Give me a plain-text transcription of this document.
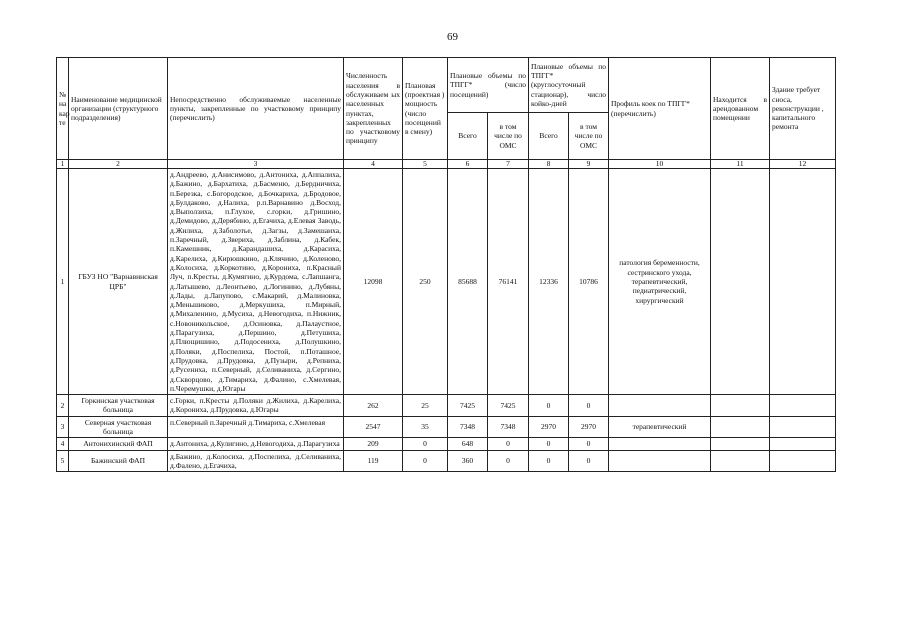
69
№ на кар те	Наименование медицинской организации (структурного подразделения)	Непосредственно обслуживаемые населенные пункты, закрепленные по участковому принципу (перечислить)	Численность населения в обслуживаем ых населенных пунктах, закрепленных по участковому принципу	Плановая (проектная ) мощность (число посещений в смену)	Плановые объемы по ТПГГ* (число посещений)		Плановые объемы по ТПГГ* (круглосуточный стационар), число койко-дней		Профиль коек по ТПГГ* (перечислить)	Находится в арендованном помещении	Здание требует сноса, реконструкции , капитального ремонта
					Всего	в том числе по ОМС	Всего	в том числе по ОМС			
1	2	3	4	5	6	7	8	9	10	11	12
1	ГБУЗ НО "Варнавинская ЦРБ"	д.Андреево, д.Анисимово, д.Антониха, д.Аппалиха, д.Бажино, д.Бархатиха, д.Басменю, д.Бердничиха, п.Березка, с.Богородское, д.Бочкариха, д.Бродовое, д.Булдаково, д.Налиха, р.п.Варнавино д.Восход, д.Выползиха, п.Глухое, с.горки, д.Гришино, д.Демидово, д.Дерябино, д.Егачиха, д.Елевая Заводь, д.Жилиха, д.Заболотье, д.Загзы, д.Замешаиха, п.Заречный, д.Звериха, д.Заблина, д.Кабек, п.Камешник, д.Карандашиха, д.Карасиха, д.Карелиха, д.Кирюшкино, д.Клячино, д.Коленово, д.Колосиха, д.Коркотино, д.Корониха, п.Красный Луч, п.Кресты, д.Кумягино, д.Курдома, с.Лапшанга, д.Латышево, д.Леонтьево, д.Логинино, д.Лубяны, д.Лады, д.Лапупово, с.Макарий, д.Малиновка, д.Меньшиково, д.Меркушиха, п.Мирный, д.Михаленино, д.Мусиха, д.Невогодиха, п.Нижник, с.Новоникольское, д.Осиновка, д.Палаустное, д.Парагузиха, д.Першино, д.Петушиха, д.Плющишино, д.Подосениха, д.Полушкино, д.Поляки, д.Поспелиха, Постой, п.Поташное, д.Прудовка, д.Прудовка, д.Пузыри, д.Репниха, д.Русениха, п.Северный, д.Селиваниха, д.Сергино, д.Скворцово, д.Тимариха, д.Фалино, с.Хмелевая, п.Черемушки, д.Югары	12098	250	85688	76141	12336	10786	патология беременности, сестринского ухода, терапевтический, педиатрический, хирургический		
2	Горкинская участковая больница	с.Горки, п.Кресты д.Поляки д.Жилиха, д.Карелиха, д.Корониха, д.Прудовка, д.Югары	262	25	7425	7425	0	0			
3	Северная участковая больница	п.Северный п.Заречный д.Тимариха, с.Хмелевая	2547	35	7348	7348	2970	2970	терапевтический		
4	Антонихинский ФАП	д.Антониха, д.Кулигино, д.Невогодиха, д.Парагузиха	209	0	648	0	0	0			
5	Бажинский ФАП	д.Бажино, д.Колосиха, д.Поспелиха, д.Селиваниха, д.Фалено, д.Егачиха,	119	0	360	0	0	0			
